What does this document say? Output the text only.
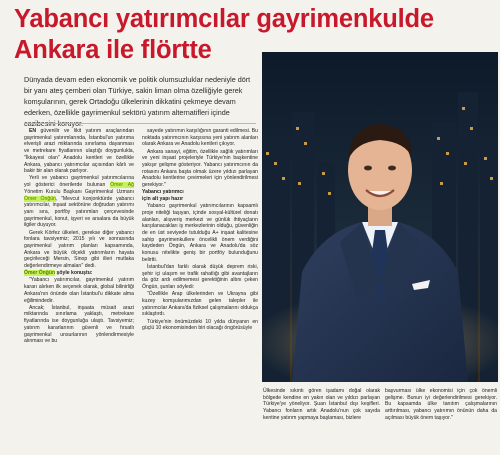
Yabancı yatırımcılar gayrimenkulde
Ankara ile flörtte
Dünyada devam eden ekonomik ve politik olumsuzluklar nedeniyle dört bir yanı ateş çemberi olan Türkiye, sakin liman olma özelliğiyle gerek komşularının, gerek Ortadoğu ülkelerinin dikkatini çekmeye devam ederken, özellikle gayrimenkul sektörü yatırım alternatifleri içinde cazibesini koruyor.

EN güvenilir ve likit yatırım araçlarından gayrimenkul yatırımlarında, İstanbul'un yatırıma elverişli arazi miktarında sınırlama dayanması ve metrekare fiyatlarının ulaştığı doygunlukla, "İkkayesi olan" Anadolu kentleri ve özellikle Ankara, yabancı yatırımcılar açısından kârlı ve bakir bir alan olarak parlıyor.

Yerli ve yabancı gayrimenkul yatırımcılarına yol gösterici önerilerde bulunan Ömer Ağ Yönetim Kurulu Başkanı Gayrimenkul Uzmanı Ömer Önğün, "Mevcut konjonktürde yabancı yatırımcılar, inşaat sektörüne doğrudan yatırımı yanı sıra, portföy yatırımları çerçevesinde gayrimenkul, konut, işyeri ve arsalara da büyük ilgiler duyuyor.

Gerek Körfez ülkeleri, gerekse diğer yabancı fonlara tavsiyemiz; 2015 yılı ve sonrasında gayrimenkul yatırım planları kapsamında, Ankara ve büyük ölçekli yatırımların hayata geçirileceği Mersin, Sinop gibi illeri mutlaka değerlendirmeye almaları" dedi.

Ömer Önğün şöyle konuştu:

"Yabancı yatırımcılar, gayrimenkul yatırım kararı alırken ilk seçenek olarak, global bilinirliği Ankara'nın önünde olan İstanbul'u dikkate alma eğilimindedir.

Ancak; İstanbul, inşaata müsait arazi miktarında sınırlama yaklaştı, metrekare fiyatlarında ise doygunluğa ulaştı. Tavsiyemiz; yatırım kararlarının güvenli ve fırsatlı gayrimenkul unsurlarının yönlendirmesiyle alınması ve bu

sayede yatırımın karşılığının garanti edilmesi. Bu noktada yatırımcının karşısına yeni yatırım alanları olarak Ankara ve Anadolu kentleri çıkıyor.

Ankara sanayi, eğitim, özellikle sağlık yatırımları ve yeni inşaat projeleriyle Türkiye'nin başkentine yakışır gelişme gösteriyor. Yabancı yatırımcının da rotasını Ankara başta olmak üzere yıldızı parlayan Anadolu kentlerine çevirmeleri için yönlendirilmesi gerekiyor."

Yabancı yatırımcı
için alt yapı hazır

Yabancı gayrimenkul yatırımcılarının kapsamlı proje niteliği taşıyan, içinde sosyal-kültürel donatı alanları, alışveriş merkezi ve günlük ihtiyaçların karşılanacakları iş merkezlerinin olduğu, güvenliğin de en üst seviyede tutulduğu A+ inşaat kalitesine sahip gayrimenkullere öncelikli önem verdiğini kaydeden Öngün, Ankara ve Anadolu'da söz konusu nitelikte geniş bir portföy bulunduğunu belirtti.

İstanbul'dan farklı olarak düşük deprem riski, şehir içi ulaşım ve trafik rahatlığı gibi avantajların da göz ardı edilmemesi gerektiğinin altını çeken Öngün, şunları söyledi:

"Özellikle Arap ülkelerinden ve Ukrayna gibi kuzey komşularımızdan gelen talepler ile yatırımcılar Ankara'da fiziksel çalışmalarını oldukça sıklaştırdı.

Türkiye'nin önümüzdeki 10 yılda dünyanın en güçlü 10 ekonomisinden biri olacağı öngörüsüyle

Ülkesinde sıkıntı gören işadamı doğal olarak bölgede kendine en yakın olan ve yıldızı parlayan Türkiye'ye yöneliyor. Şuan İstanbul dışı keşifleri. Yabancı fonların artık Anadolu'nun çok sayıda kentine yatırım yapmaya başlaması, bizlere

başvurması ülke ekonomisi için çok önemli gelişme. Bunun iyi değerlendirilmesi gerekiyor. Bu kapsamda ülke tanıtım çalışmalarının arttırılması, yabancı yatırımın önünün daha da açılması büyük önem taşıyor."
